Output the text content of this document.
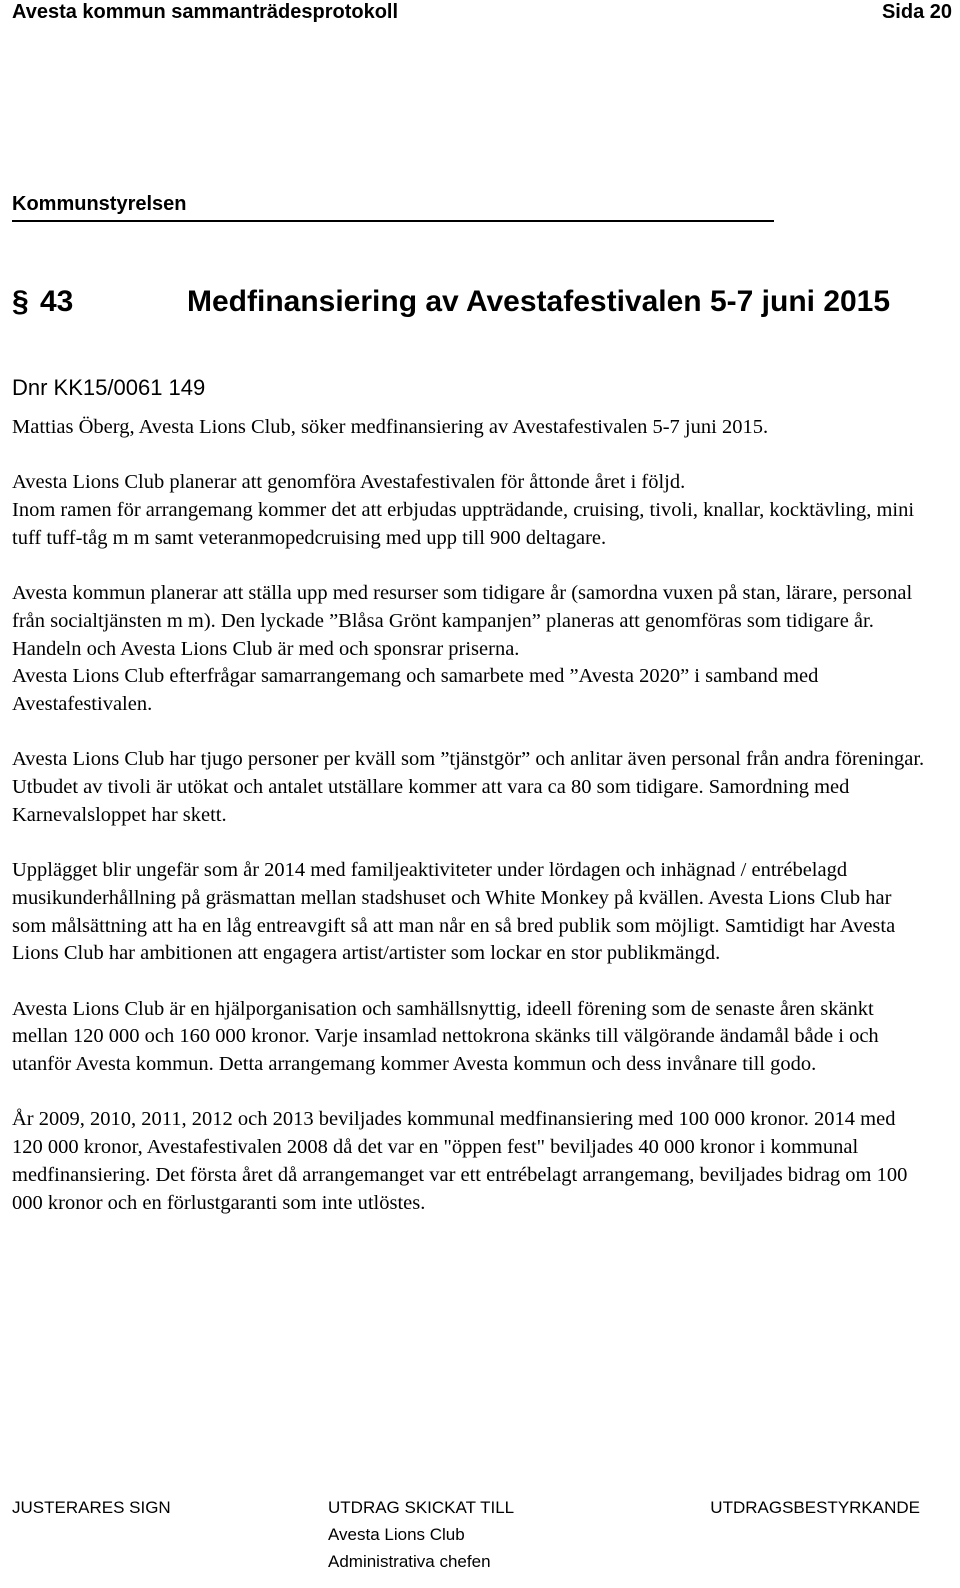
Avesta kommun sammanträdesprotokoll	Sida 20
Kommunstyrelsen
§ 43	Medfinansiering av Avestafestivalen 5-7 juni 2015
Dnr KK15/0061 149

Mattias Öberg, Avesta Lions Club, söker medfinansiering av Avestafestivalen 5-7 juni 2015.

Avesta Lions Club planerar att genomföra Avestafestivalen för åttonde året i följd.

Inom ramen för arrangemang kommer det att erbjudas uppträdande, cruising, tivoli, knallar, kocktävling, mini tuff tuff-tåg m m samt veteranmopedcruising med upp till 900 deltagare.

Avesta kommun planerar att ställa upp med resurser som tidigare år (samordna vuxen på stan, lärare, personal från socialtjänsten m m). Den lyckade ”Blåsa Grönt kampanjen” planeras att genomföras som tidigare år. Handeln och Avesta Lions Club är med och sponsrar priserna.

Avesta Lions Club efterfrågar samarrangemang och samarbete med ”Avesta 2020” i samband med Avestafestivalen.

Avesta Lions Club har tjugo personer per kväll som ”tjänstgör” och anlitar även personal från andra föreningar. Utbudet av tivoli är utökat och antalet utställare kommer att vara ca 80 som tidigare. Samordning med Karnevalsloppet har skett.

Upplägget blir ungefär som år 2014 med familjeaktiviteter under lördagen och inhägnad / entrébelagd musikunderhållning på gräsmattan mellan stadshuset och White Monkey på kvällen. Avesta Lions Club har som målsättning att ha en låg entreavgift så att man når en så bred publik som möjligt. Samtidigt har Avesta Lions Club har ambitionen att engagera artist/artister som lockar en stor publikmängd.

Avesta Lions Club är en hjälporganisation och samhällsnyttig, ideell förening som de senaste åren skänkt mellan 120 000 och 160 000 kronor. Varje insamlad nettokrona skänks till välgörande ändamål både i och utanför Avesta kommun. Detta arrangemang kommer Avesta kommun och dess invånare till godo.

År 2009, 2010, 2011, 2012 och 2013 beviljades kommunal medfinansiering med 100 000 kronor. 2014 med 120 000 kronor, Avestafestivalen 2008 då det var en "öppen fest" beviljades 40 000 kronor i kommunal medfinansiering. Det första året då arrangemanget var ett entrébelagt arrangemang, beviljades bidrag om 100 000 kronor och en förlustgaranti som inte utlöstes.

JUSTERARES SIGN	UTDRAG SKICKAT TILL
Avesta Lions Club
Administrativa chefen
UTDRAGSBESTYRKANDE
